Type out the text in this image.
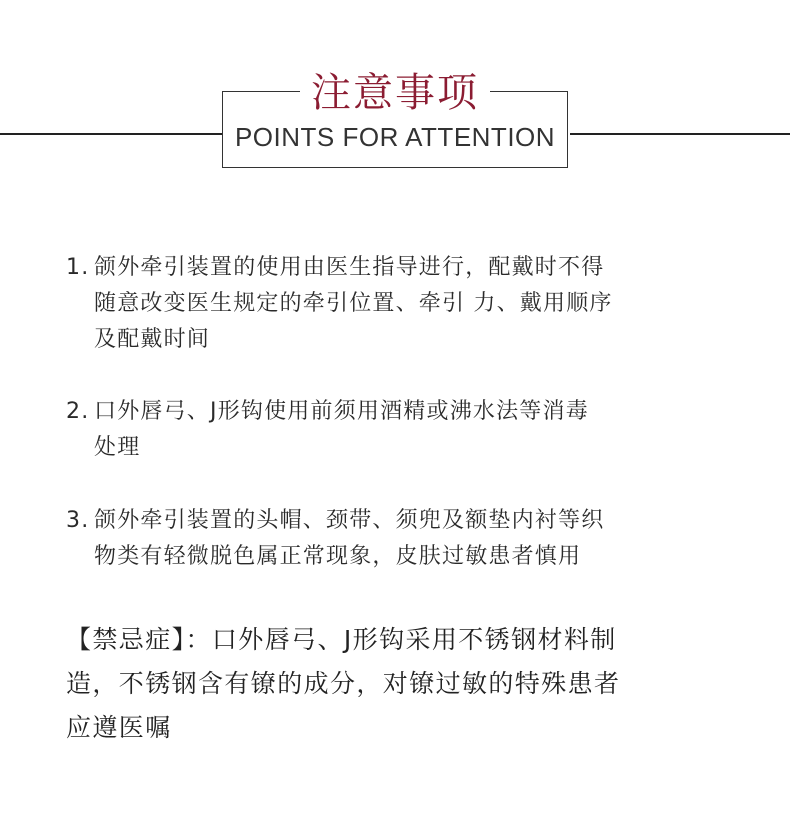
注意事项
POINTS FOR ATTENTION
1. 颌外牵引装置的使用由医生指导进行，配戴时不得
随意改变医生规定的牵引位置、牵引 力、戴用顺序
及配戴时间
2. 口外唇弓、J形钩使用前须用酒精或沸水法等消毒
处理
3. 颌外牵引装置的头帽、颈带、须兜及额垫内衬等织
物类有轻微脱色属正常现象，皮肤过敏患者慎用
【禁忌症】：口外唇弓、J形钩采用不锈钢材料制
造，不锈钢含有镣的成分，对镣过敏的特殊患者
应遵医嘱
